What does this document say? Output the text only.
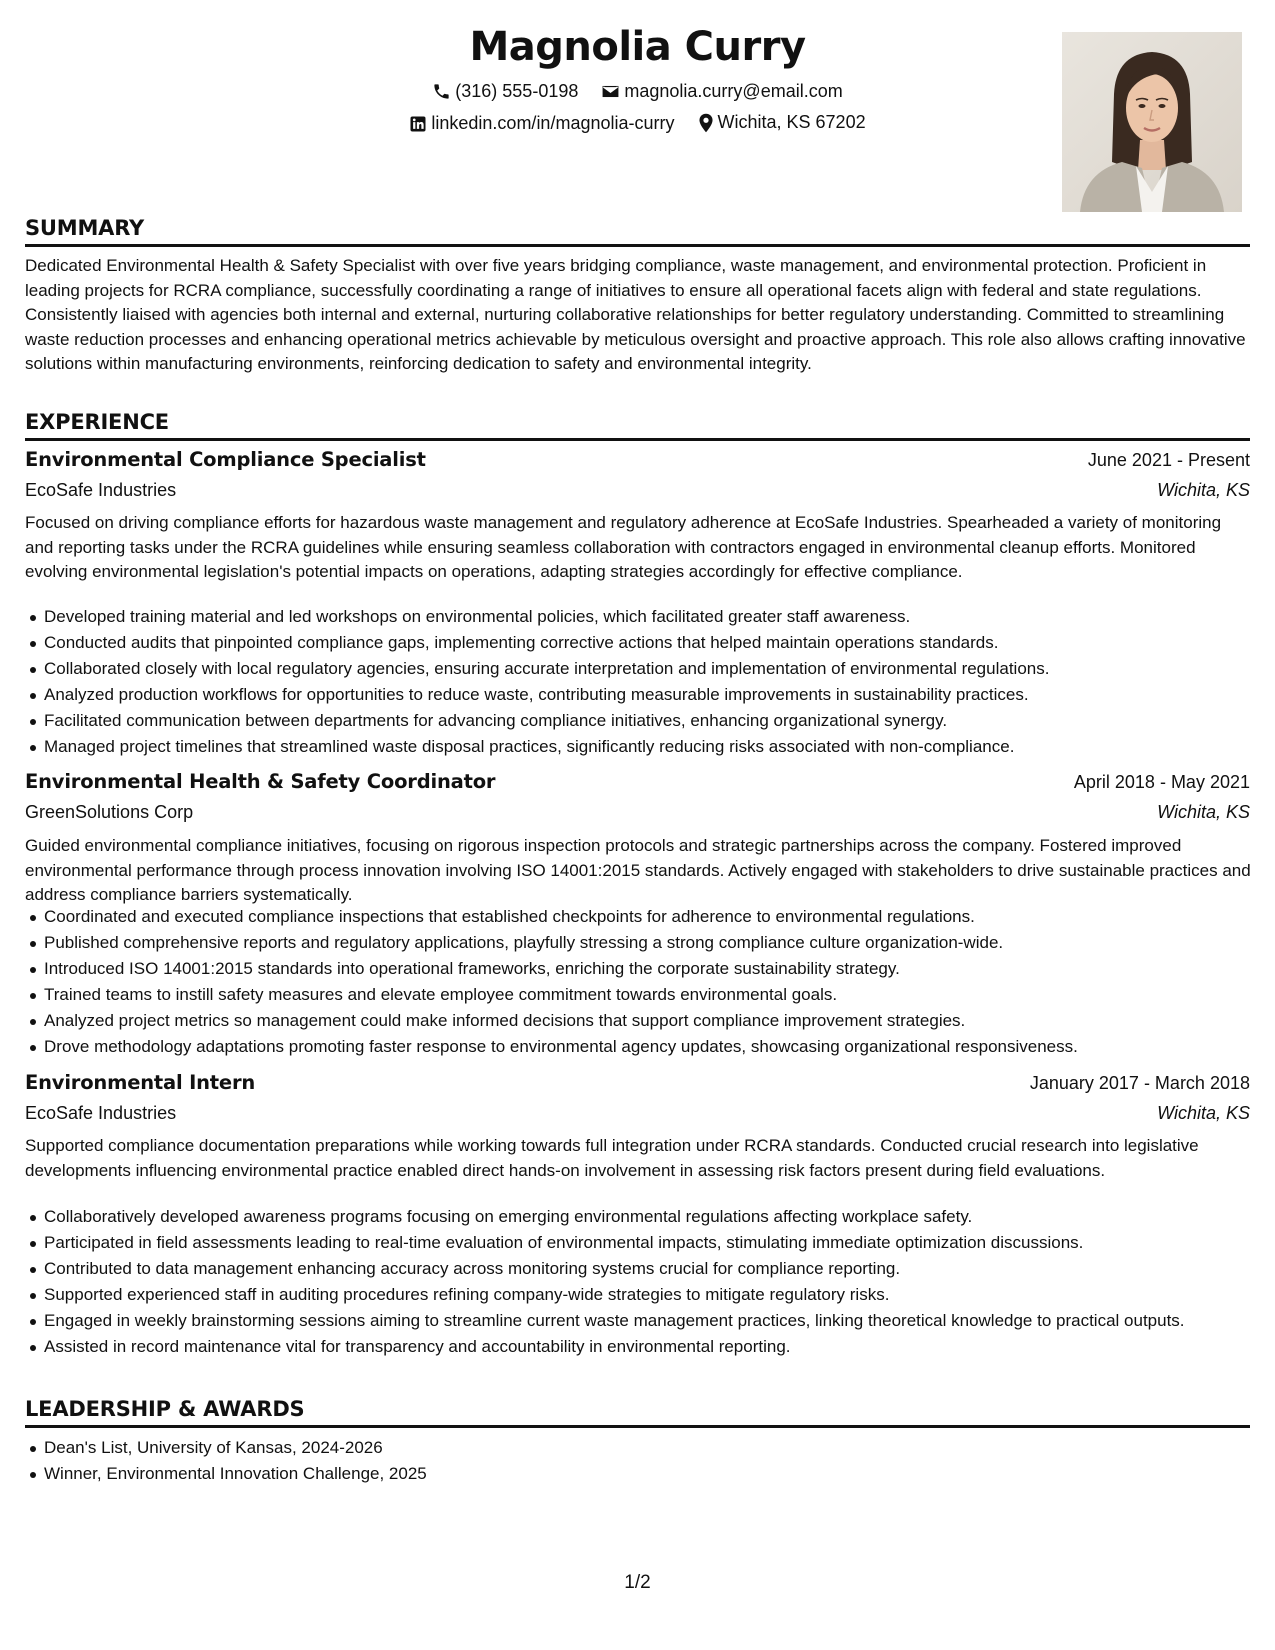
Magnolia Curry
(316) 555-0198
	magnolia.curry@email.com
linkedin.com/in/magnolia-curry
Wichita, KS 67202
SUMMARY

Dedicated Environmental Health & Safety Specialist with over five years bridging compliance, waste management, and environmental protection. Proficient in leading projects for RCRA compliance, successfully coordinating a range of initiatives to ensure all operational facets align with federal and state regulations. Consistently liaised with agencies both internal and external, nurturing collaborative relationships for better regulatory understanding. Committed to streamlining waste reduction processes and enhancing operational metrics achievable by meticulous oversight and proactive approach. This role also allows crafting innovative solutions within manufacturing environments, reinforcing dedication to safety and environmental integrity.

EXPERIENCE
Environmental Compliance Specialist	June 2021 - Present

EcoSafe Industries	Wichita, KS

Focused on driving compliance efforts for hazardous waste management and regulatory adherence at EcoSafe Industries. Spearheaded a variety of monitoring and reporting tasks under the RCRA guidelines while ensuring seamless collaboration with contractors engaged in environmental cleanup efforts. Monitored evolving environmental legislation's potential impacts on operations, adapting strategies accordingly for effective compliance.

Developed training material and led workshops on environmental policies, which facilitated greater staff awareness.
Conducted audits that pinpointed compliance gaps, implementing corrective actions that helped maintain operations standards.
Collaborated closely with local regulatory agencies, ensuring accurate interpretation and implementation of environmental regulations.
Analyzed production workflows for opportunities to reduce waste, contributing measurable improvements in sustainability practices.
Facilitated communication between departments for advancing compliance initiatives, enhancing organizational synergy.
Managed project timelines that streamlined waste disposal practices, significantly reducing risks associated with non-compliance.
Environmental Health & Safety Coordinator	April 2018 - May 2021

GreenSolutions Corp	Wichita, KS

Guided environmental compliance initiatives, focusing on rigorous inspection protocols and strategic partnerships across the company. Fostered improved environmental performance through process innovation involving ISO 14001:2015 standards. Actively engaged with stakeholders to drive sustainable practices and address compliance barriers systematically.

Coordinated and executed compliance inspections that established checkpoints for adherence to environmental regulations.
Published comprehensive reports and regulatory applications, playfully stressing a strong compliance culture organization-wide.
Introduced ISO 14001:2015 standards into operational frameworks, enriching the corporate sustainability strategy.
Trained teams to instill safety measures and elevate employee commitment towards environmental goals.
Analyzed project metrics so management could make informed decisions that support compliance improvement strategies.
Drove methodology adaptations promoting faster response to environmental agency updates, showcasing organizational responsiveness.
Environmental Intern	January 2017 - March 2018

EcoSafe Industries	Wichita, KS

Supported compliance documentation preparations while working towards full integration under RCRA standards. Conducted crucial research into legislative developments influencing environmental practice enabled direct hands-on involvement in assessing risk factors present during field evaluations.

Collaboratively developed awareness programs focusing on emerging environmental regulations affecting workplace safety.
Participated in field assessments leading to real-time evaluation of environmental impacts, stimulating immediate optimization discussions.
Contributed to data management enhancing accuracy across monitoring systems crucial for compliance reporting.
Supported experienced staff in auditing procedures refining company-wide strategies to mitigate regulatory risks.
Engaged in weekly brainstorming sessions aiming to streamline current waste management practices, linking theoretical knowledge to practical outputs.
Assisted in record maintenance vital for transparency and accountability in environmental reporting.
LEADERSHIP & AWARDS
Dean's List, University of Kansas, 2024-2026
Winner, Environmental Innovation Challenge, 2025

1/2
